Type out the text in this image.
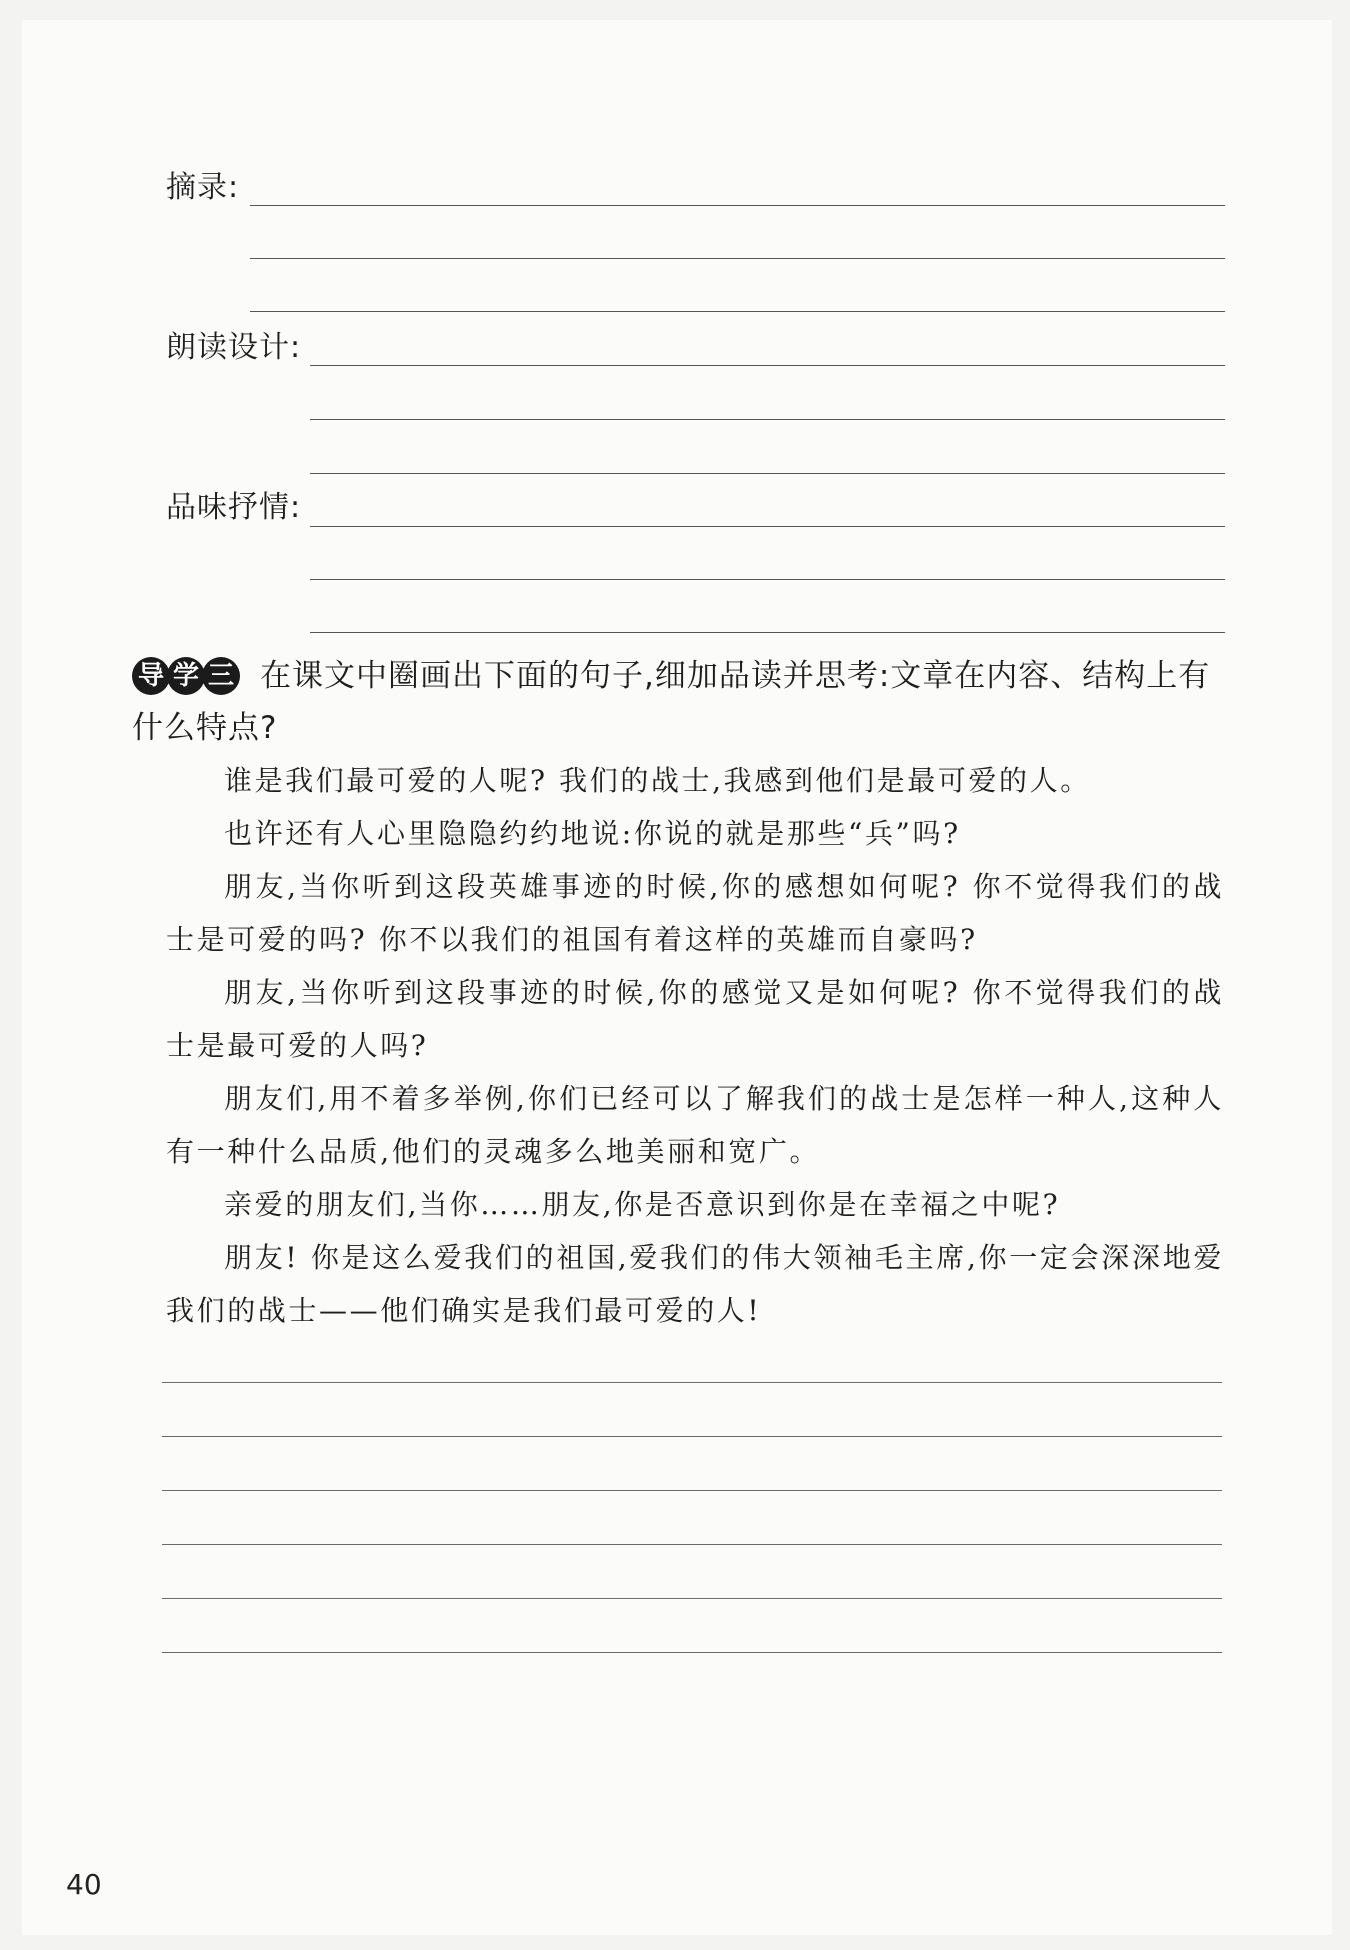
摘录:
朗读设计:
品味抒情:
导 学 三 在课文中圈画出下面的句子,细加品读并思考:文章在内容、结构上有
什么特点?
谁是我们最可爱的人呢? 我们的战士,我感到他们是最可爱的人。
也许还有人心里隐隐约约地说:你说的就是那些“兵”吗?
朋友,当你听到这段英雄事迹的时候,你的感想如何呢? 你不觉得我们的战士是可爱的吗? 你不以我们的祖国有着这样的英雄而自豪吗?
朋友,当你听到这段事迹的时候,你的感觉又是如何呢? 你不觉得我们的战士是最可爱的人吗?
朋友们,用不着多举例,你们已经可以了解我们的战士是怎样一种人,这种人有一种什么品质,他们的灵魂多么地美丽和宽广。
亲爱的朋友们,当你……朋友,你是否意识到你是在幸福之中呢?
朋友! 你是这么爱我们的祖国,爱我们的伟大领袖毛主席,你一定会深深地爱我们的战士——他们确实是我们最可爱的人!
40
